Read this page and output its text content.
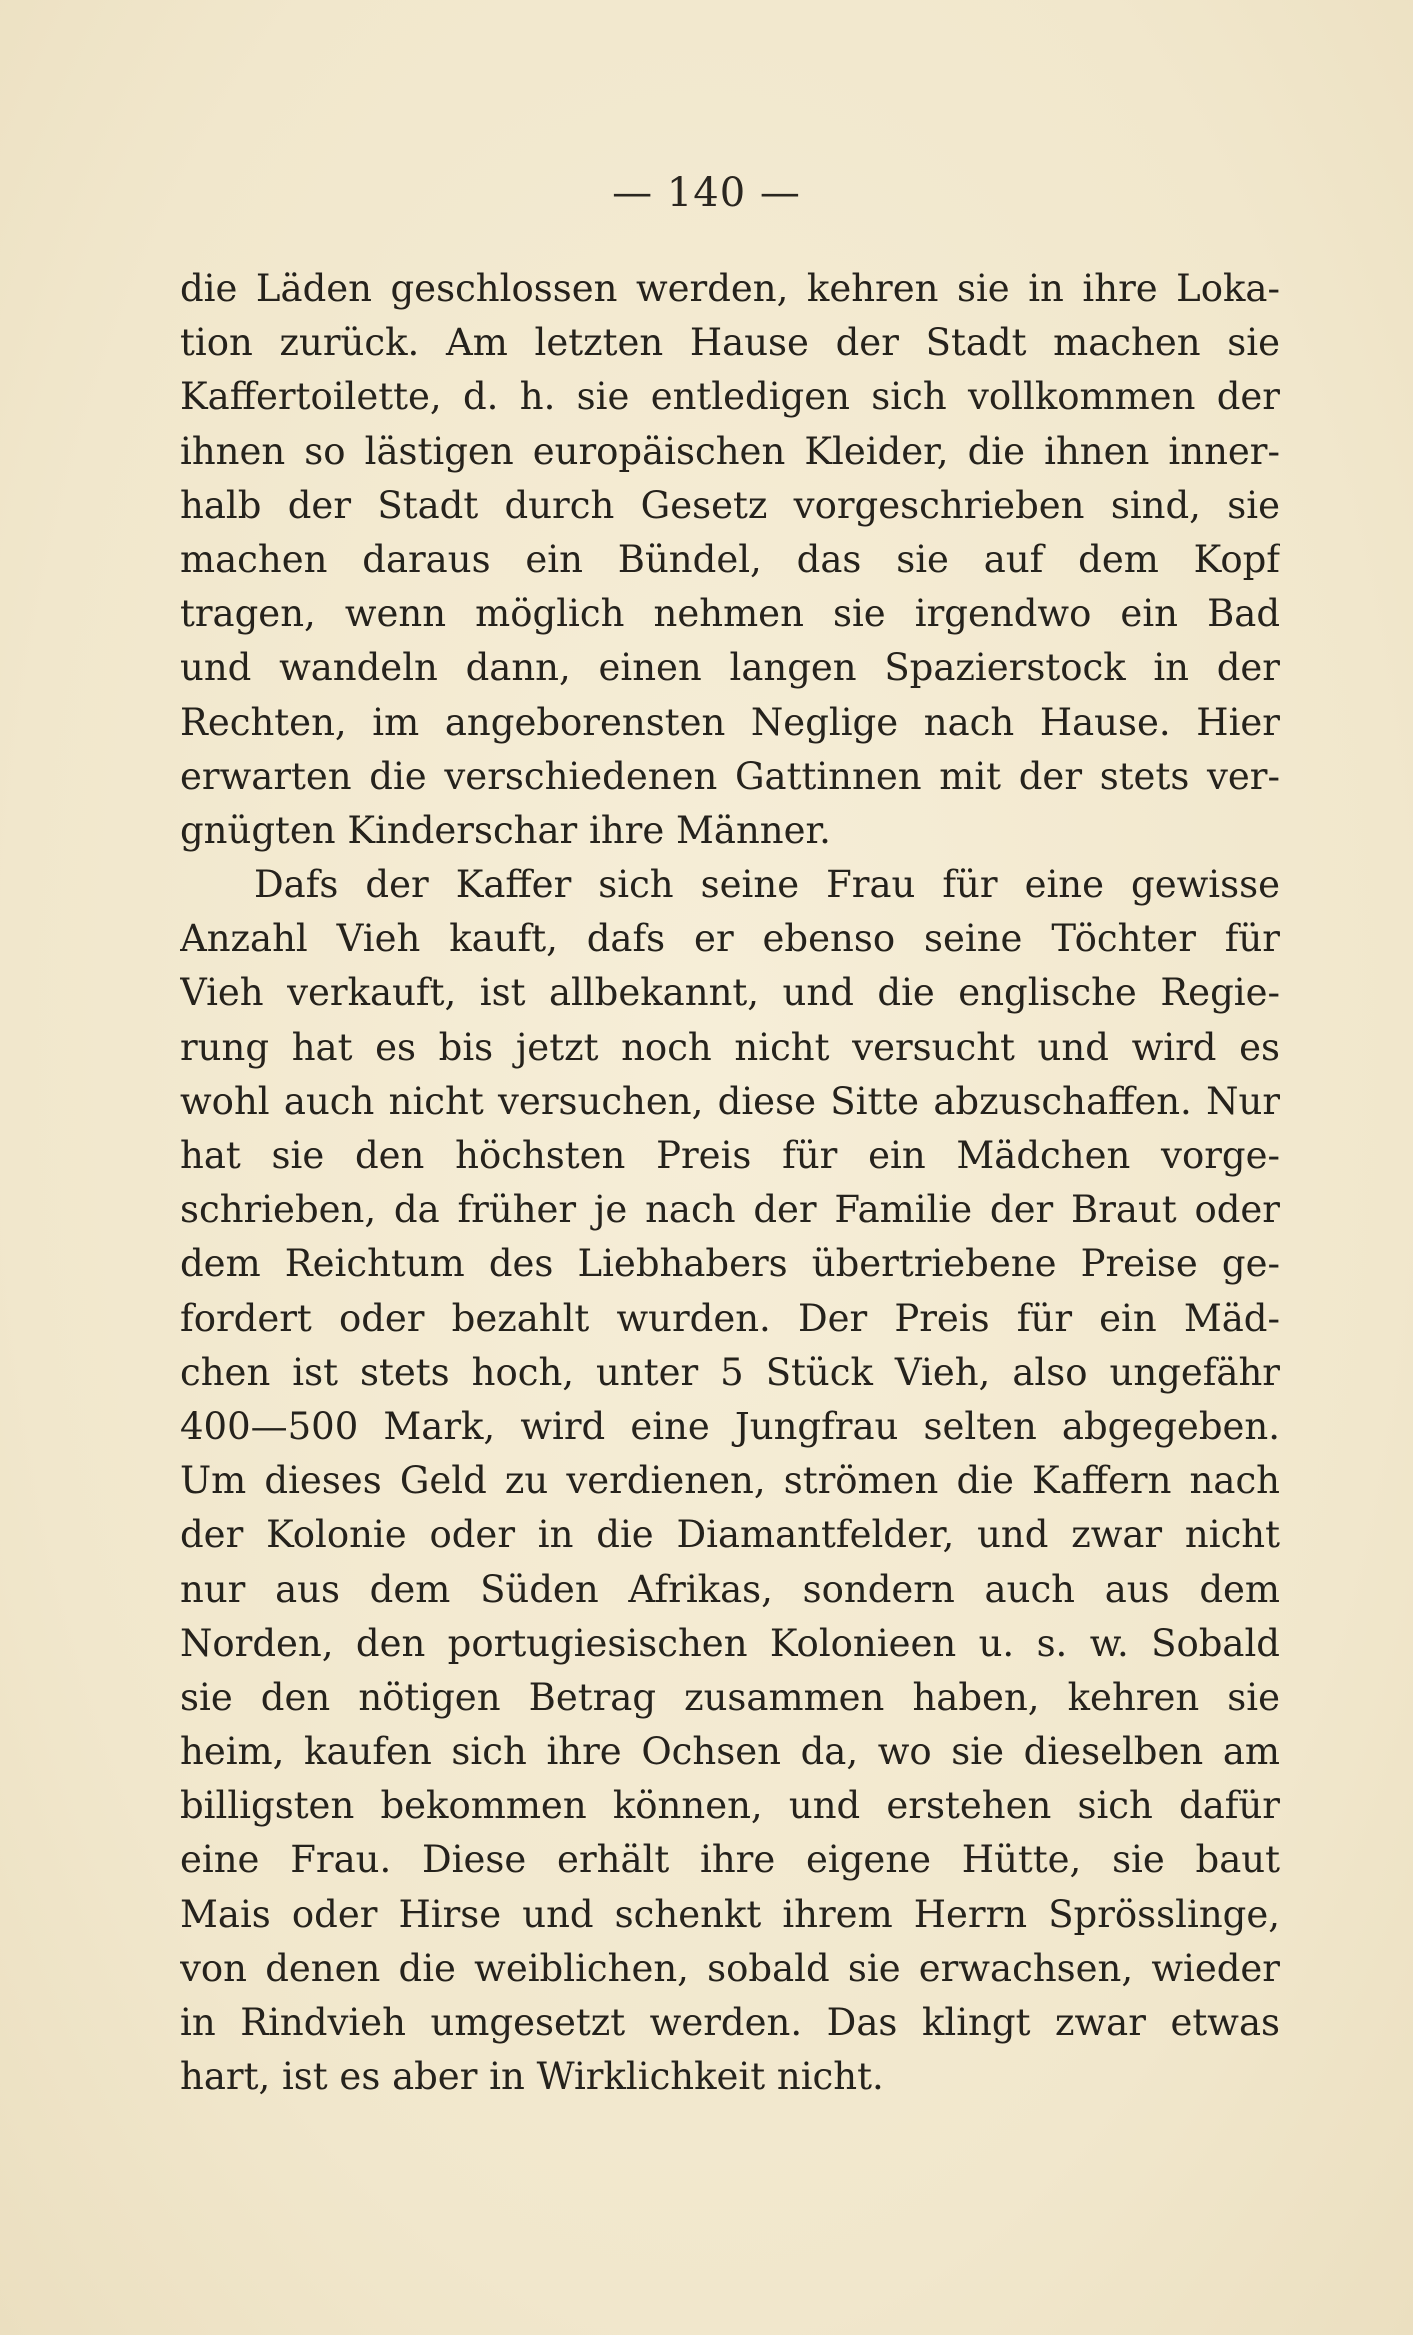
— 140 —
die Läden geschlossen werden, kehren sie in ihre Loka-
tion zurück. Am letzten Hause der Stadt machen sie
Kaffertoilette, d. h. sie entledigen sich vollkommen der
ihnen so lästigen europäischen Kleider, die ihnen inner-
halb der Stadt durch Gesetz vorgeschrieben sind, sie
machen daraus ein Bündel, das sie auf dem Kopf
tragen, wenn möglich nehmen sie irgendwo ein Bad
und wandeln dann, einen langen Spazierstock in der
Rechten, im angeborensten Neglige nach Hause. Hier
erwarten die verschiedenen Gattinnen mit der stets ver-
gnügten Kinderschar ihre Männer.
Dafs der Kaffer sich seine Frau für eine gewisse
Anzahl Vieh kauft, dafs er ebenso seine Töchter für
Vieh verkauft, ist allbekannt, und die englische Regie-
rung hat es bis jetzt noch nicht versucht und wird es
wohl auch nicht versuchen, diese Sitte abzuschaffen. Nur
hat sie den höchsten Preis für ein Mädchen vorge-
schrieben, da früher je nach der Familie der Braut oder
dem Reichtum des Liebhabers übertriebene Preise ge-
fordert oder bezahlt wurden. Der Preis für ein Mäd-
chen ist stets hoch, unter 5 Stück Vieh, also ungefähr
400—500 Mark, wird eine Jungfrau selten abgegeben.
Um dieses Geld zu verdienen, strömen die Kaffern nach
der Kolonie oder in die Diamantfelder, und zwar nicht
nur aus dem Süden Afrikas, sondern auch aus dem
Norden, den portugiesischen Kolonieen u. s. w. Sobald
sie den nötigen Betrag zusammen haben, kehren sie
heim, kaufen sich ihre Ochsen da, wo sie dieselben am
billigsten bekommen können, und erstehen sich dafür
eine Frau. Diese erhält ihre eigene Hütte, sie baut
Mais oder Hirse und schenkt ihrem Herrn Sprösslinge,
von denen die weiblichen, sobald sie erwachsen, wieder
in Rindvieh umgesetzt werden. Das klingt zwar etwas
hart, ist es aber in Wirklichkeit nicht.
